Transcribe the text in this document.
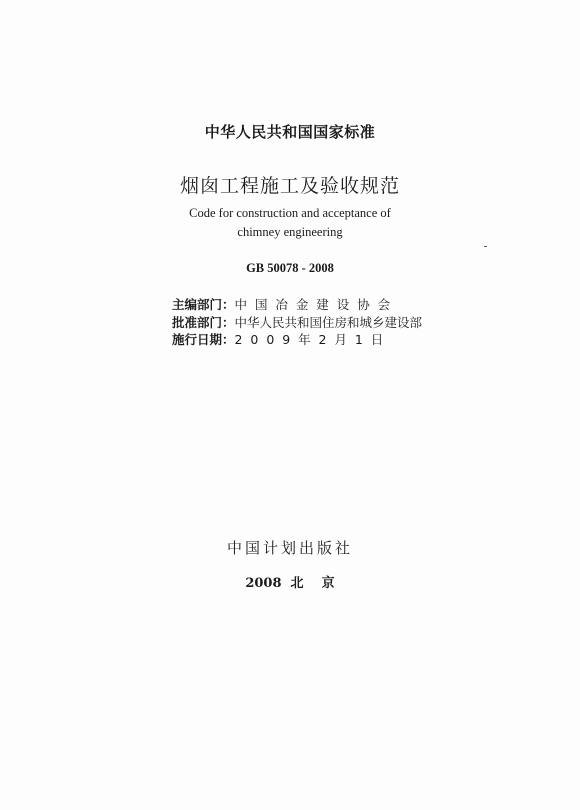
中华人民共和国国家标准
烟囱工程施工及验收规范
Code for construction and acceptance of
chimney engineering
GB 50078 - 2008
主编部门：中  国  冶  金  建  设  协  会
批准部门：中华人民共和国住房和城乡建设部
施行日期：2  0  0  9  年  2  月  1  日
中国计划出版社
2008  北    京
